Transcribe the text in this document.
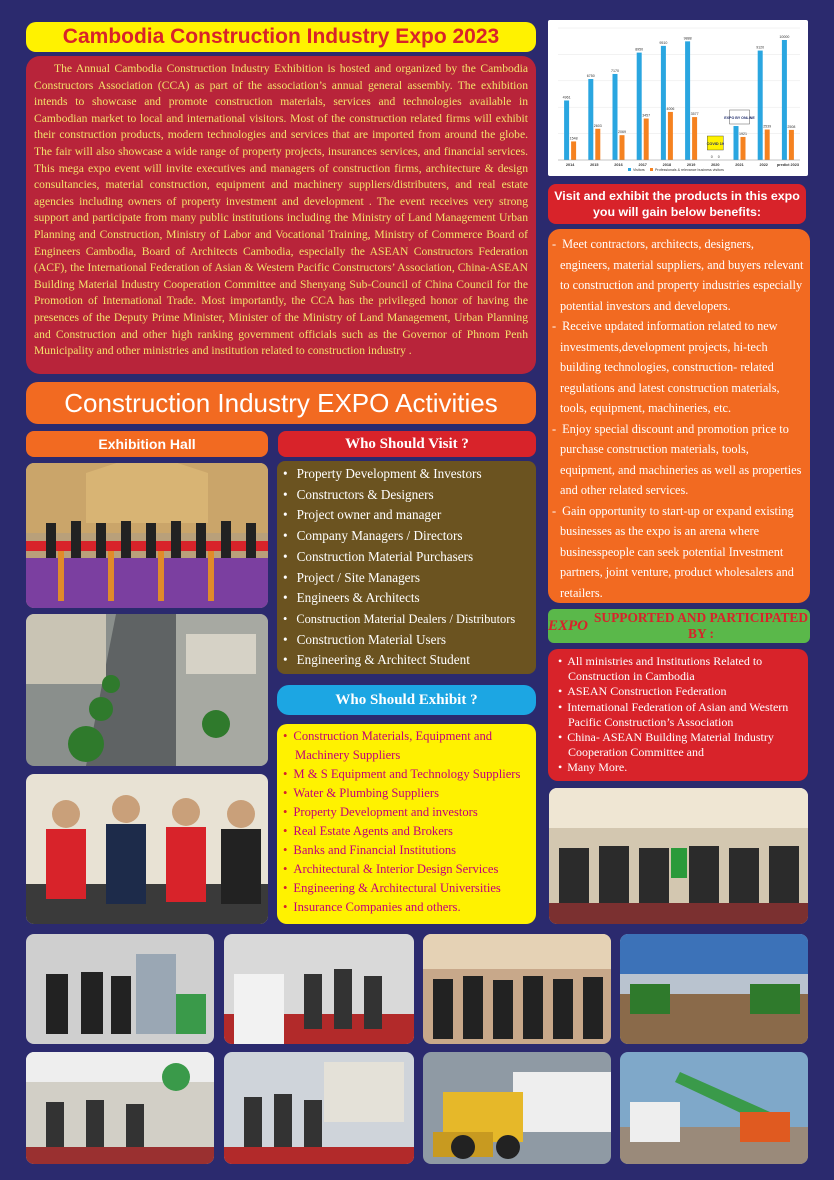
Cambodia Construction Industry Expo 2023
The Annual Cambodia Construction Industry Exhibition is hosted and organized by the Cambodia Constructors Association (CCA) as part of the association’s annual general assembly. The exhibition intends to showcase and promote construction materials, services and technologies available in Cambodian market to local and international visitors. Most of the construction related firms will exhibit their construction products, modern technologies and services that are imported from around the globe. The fair will also showcase a wide range of property projects, insurances services, and financial services. This mega expo event will invite executives and managers of construction firms, architecture & design consultancies, material construction, equipment and machinery suppliers/distributers, and real estate agencies including owners of property investment and development . The event receives very strong support and participate from many public institutions including the Ministry of Land Management Urban Planning and Construction, Ministry of Labor and Vocational Training, Ministry of Commerce Board of Engineers Cambodia, Board of Architects Cambodia, especially the ASEAN Constructors Federation (ACF), the International Federation of Asian & Western Pacific Constructors’ Association, China-ASEAN Building Material Industry Cooperation Committee and Shenyang Sub-Council of China Council for the Promotion of International Trade. Most importantly, the CCA has the privileged honor of having the presences of the Deputy Prime Minister, Minister of the Ministry of Land Management, Urban Planning and Construction and other high ranking government officials such as the Governor of Phnom Penh Municipality and other ministries and institution related to construction industry .
Construction Industry EXPO Activities
Exhibition Hall	Who Should Visit ?
• Property Development & Investors
• Constructors & Designers
• Project owner and manager
• Company Managers / Directors
• Construction Material Purchasers
• Project / Site Managers
• Engineers & Architects
• Construction Material Dealers / Distributors
• Construction Material Users
• Engineering & Architect Student
Who Should Exhibit ?
• Construction Materials, Equipment and Machinery Suppliers
• M & S Equipment and Technology Suppliers
• Water & Plumbing Suppliers
• Property Development and investors
• Real Estate Agents and Brokers
• Banks and Financial Institutions
• Architectural & Interior Design Services
• Engineering & Architectural Universities
• Insurance Companies and others.
4961
1548
6750
2603
7170
2069
8950
3457
9510
4006
9888
3577
0 0
1921
9120
2539
10000
2508
2014	2015	2016	2017	2018	2019	2020	2021	2022 predict 2023
COVID 19
EXPO BY ONLINE
Visitors	Professionals & relevance business visitors
Visit and exhibit the products in this expo you will gain below benefits:
- Meet contractors, architects, designers, engineers, material suppliers, and buyers relevant to construction and property industries especially potential investors and developers.
- Receive updated information related to new investments,development projects, hi-tech building technologies, construction- related regulations and latest construction materials, tools, equipment, machineries, etc.
- Enjoy special discount and promotion price to purchase construction materials, tools, equipment, and machineries as well as properties and other related services.
- Gain opportunity to start-up or expand existing businesses as the expo is an arena where businesspeople can seek potential Investment partners, joint venture, product wholesalers and retailers.
EXPO SUPPORTED AND PARTICIPATED BY :
• All ministries and Institutions Related to Construction in Cambodia
• ASEAN Construction Federation
• International Federation of Asian and Western Pacific Construction’s Association
• China- ASEAN Building Material Industry Cooperation Committee and
• Many More.
